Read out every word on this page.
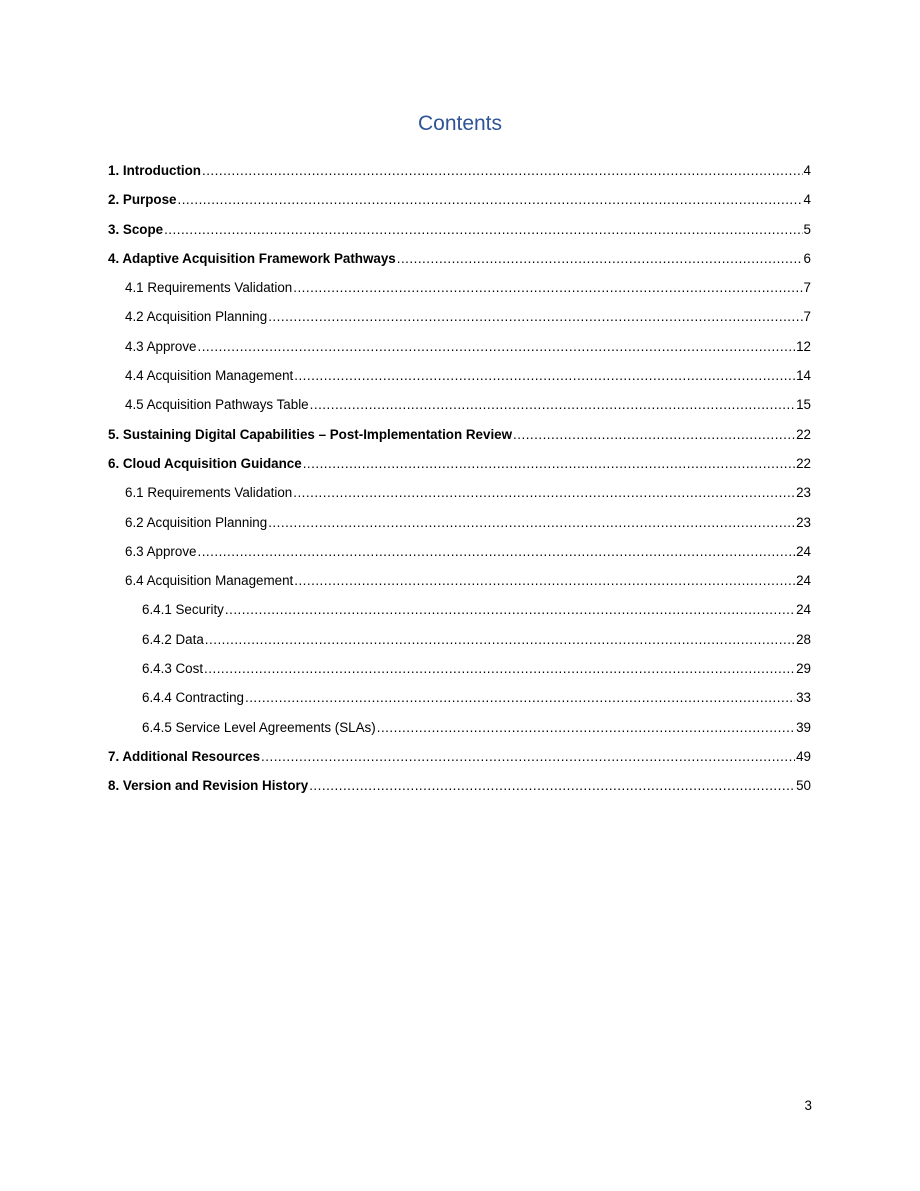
Contents
1. Introduction .....	4
2. Purpose .....	4
3. Scope .....	5
4. Adaptive Acquisition Framework Pathways .....	6
4.1 Requirements Validation .....	7
4.2 Acquisition Planning .....	7
4.3 Approve .....	12
4.4 Acquisition Management .....	14
4.5 Acquisition Pathways Table .....	15
5. Sustaining Digital Capabilities – Post-Implementation Review .....	22
6. Cloud Acquisition Guidance .....	22
6.1 Requirements Validation .....	23
6.2 Acquisition Planning .....	23
6.3 Approve .....	24
6.4 Acquisition Management .....	24
6.4.1 Security .....	24
6.4.2 Data .....	28
6.4.3 Cost .....	29
6.4.4 Contracting .....	33
6.4.5 Service Level Agreements (SLAs) .....	39
7. Additional Resources .....	49
8. Version and Revision History .....	50
3
